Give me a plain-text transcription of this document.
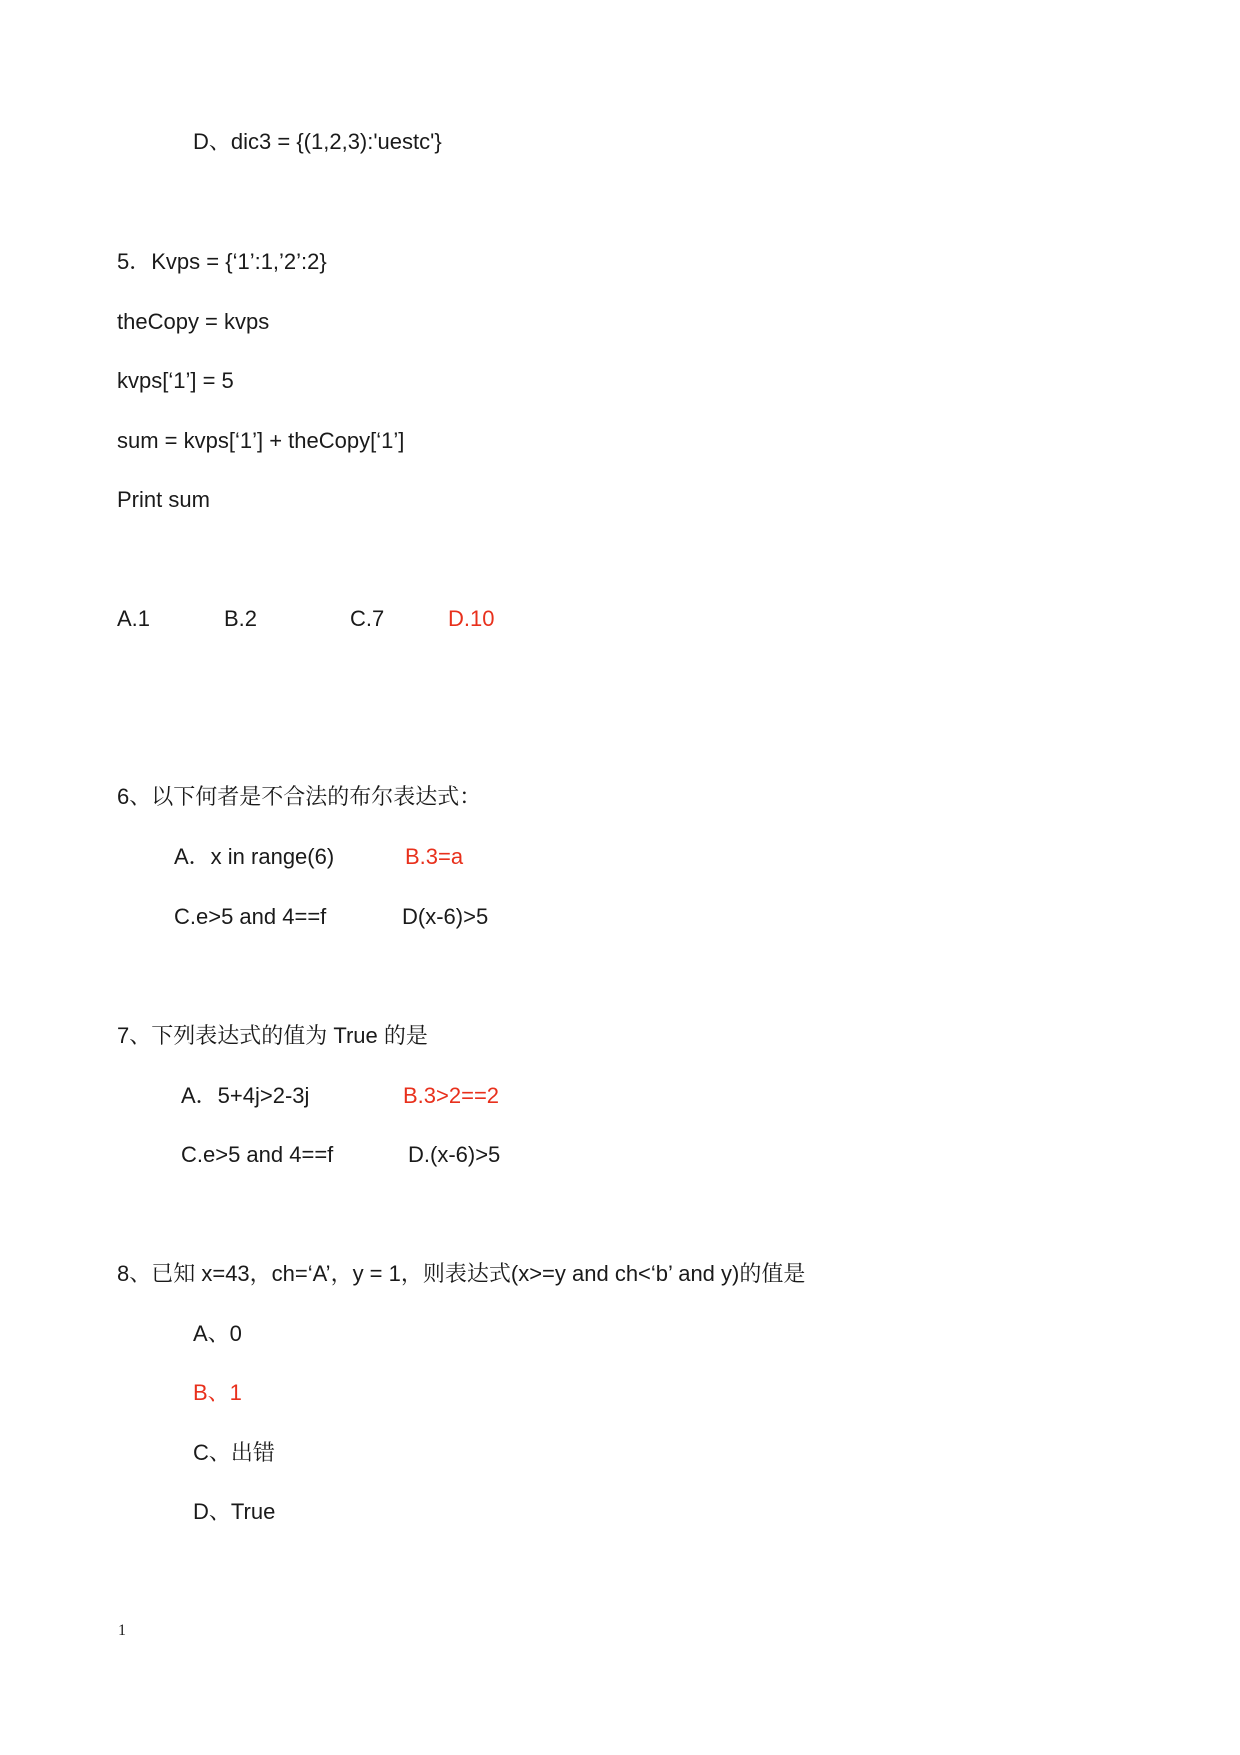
D、dic3 = {(1,2,3):'uestc'}
5．Kvps = {‘1’:1,’2’:2}
theCopy = kvps
kvps[‘1’] = 5
sum = kvps[‘1’] + theCopy[‘1’]
Print sum
A.1	B.2	C.7	D.10
6、以下何者是不合法的布尔表达式：
A．x in range(6)	B.3=a
C.e>5 and 4==f	D(x-6)>5
7、下列表达式的值为 True 的是
A．5+4j>2-3j	B.3>2==2
C.e>5 and 4==f	D.(x-6)>5
8、已知 x=43，ch=‘A’，y = 1，则表达式(x>=y and ch<‘b’ and y)的值是
A、0
B、1
C、出错
D、True
1
